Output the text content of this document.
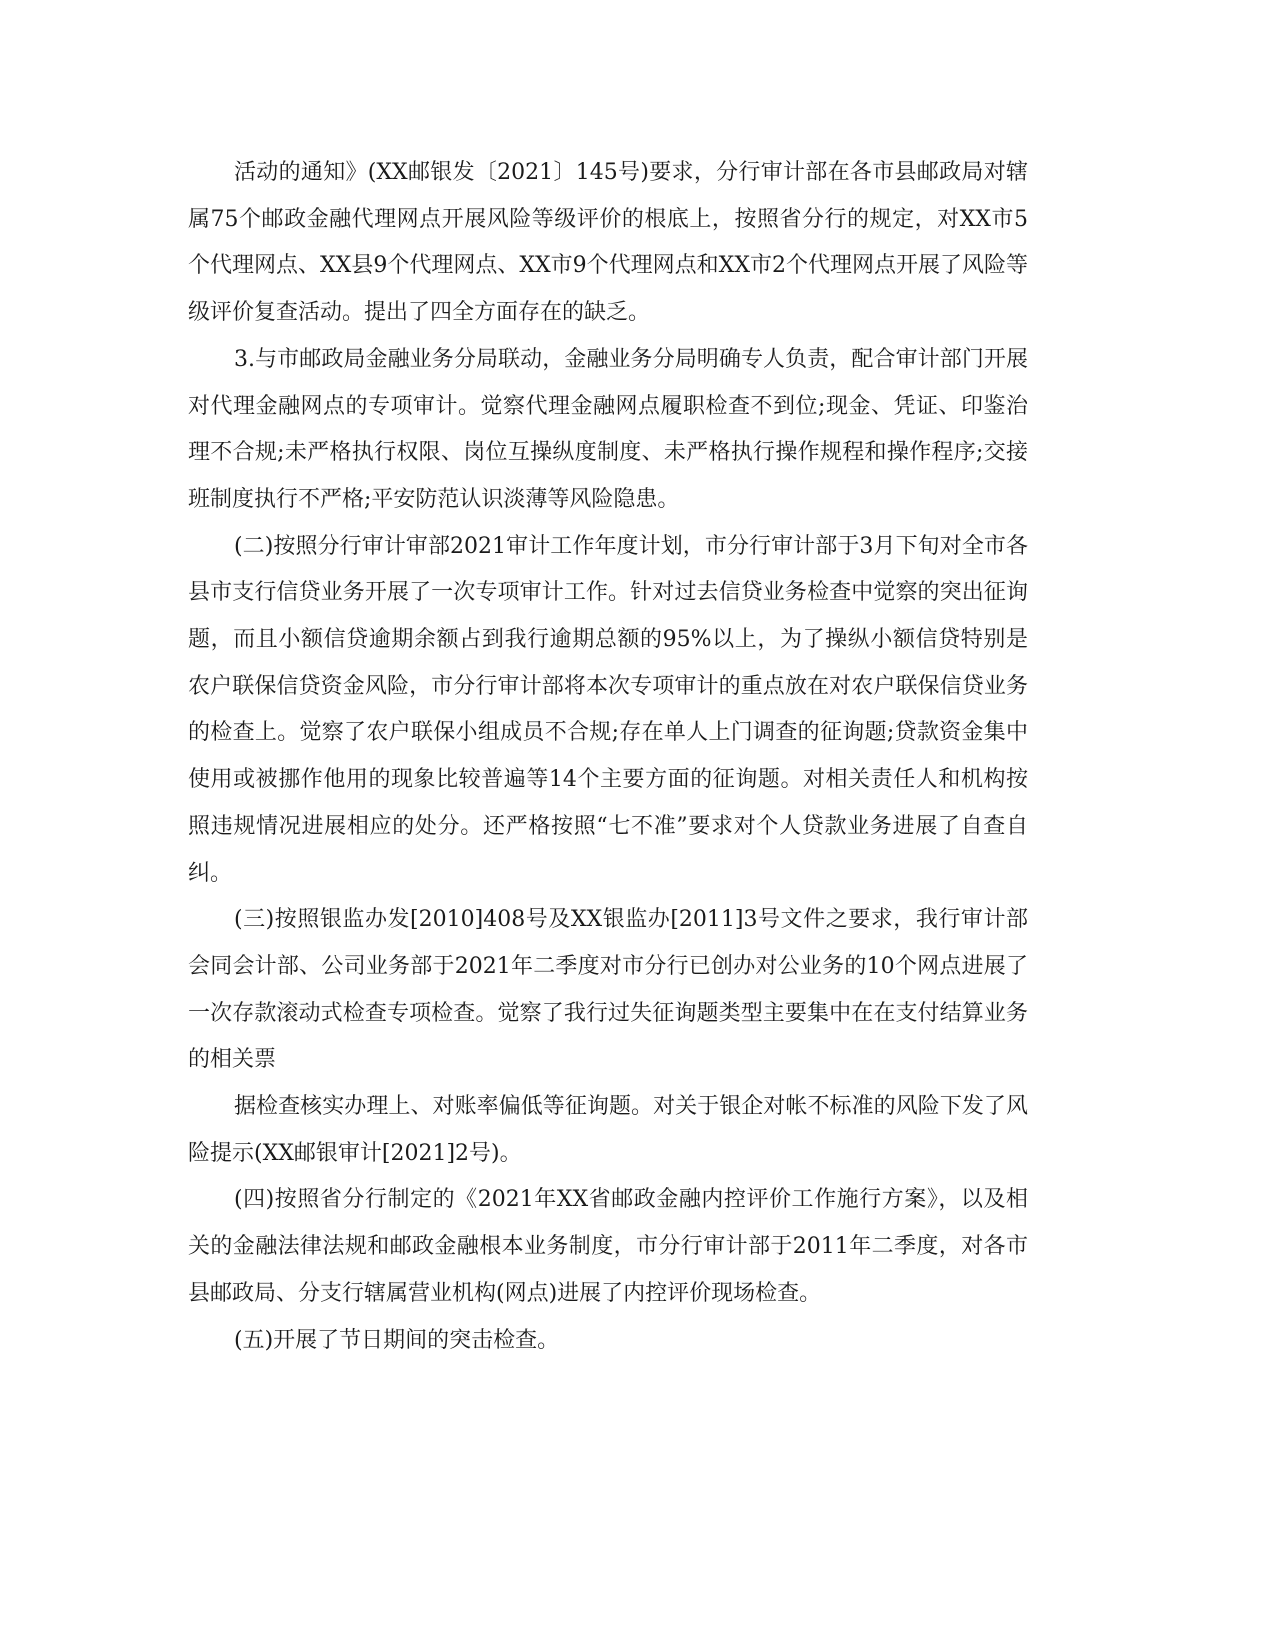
活动的通知》(XX邮银发〔2021〕145号)要求，分行审计部在各市县邮政局对辖属75个邮政金融代理网点开展风险等级评价的根底上，按照省分行的规定，对XX市5个代理网点、XX县9个代理网点、XX市9个代理网点和XX市2个代理网点开展了风险等级评价复查活动。提出了四全方面存在的缺乏。

3.与市邮政局金融业务分局联动，金融业务分局明确专人负责，配合审计部门开展对代理金融网点的专项审计。觉察代理金融网点履职检查不到位;现金、凭证、印鉴治理不合规;未严格执行权限、岗位互操纵度制度、未严格执行操作规程和操作程序;交接班制度执行不严格;平安防范认识淡薄等风险隐患。

(二)按照分行审计审部2021审计工作年度计划，市分行审计部于3月下旬对全市各县市支行信贷业务开展了一次专项审计工作。针对过去信贷业务检查中觉察的突出征询题，而且小额信贷逾期余额占到我行逾期总额的95%以上，为了操纵小额信贷特别是农户联保信贷资金风险，市分行审计部将本次专项审计的重点放在对农户联保信贷业务的检查上。觉察了农户联保小组成员不合规;存在单人上门调查的征询题;贷款资金集中使用或被挪作他用的现象比较普遍等14个主要方面的征询题。对相关责任人和机构按照违规情况进展相应的处分。还严格按照“七不准”要求对个人贷款业务进展了自查自纠。

(三)按照银监办发[2010]408号及XX银监办[2011]3号文件之要求，我行审计部会同会计部、公司业务部于2021年二季度对市分行已创办对公业务的10个网点进展了一次存款滚动式检查专项检查。觉察了我行过失征询题类型主要集中在在支付结算业务的相关票

据检查核实办理上、对账率偏低等征询题。对关于银企对帐不标准的风险下发了风险提示(XX邮银审计[2021]2号)。

(四)按照省分行制定的《2021年XX省邮政金融内控评价工作施行方案》，以及相关的金融法律法规和邮政金融根本业务制度，市分行审计部于2011年二季度，对各市县邮政局、分支行辖属营业机构(网点)进展了内控评价现场检查。

(五)开展了节日期间的突击检查。
